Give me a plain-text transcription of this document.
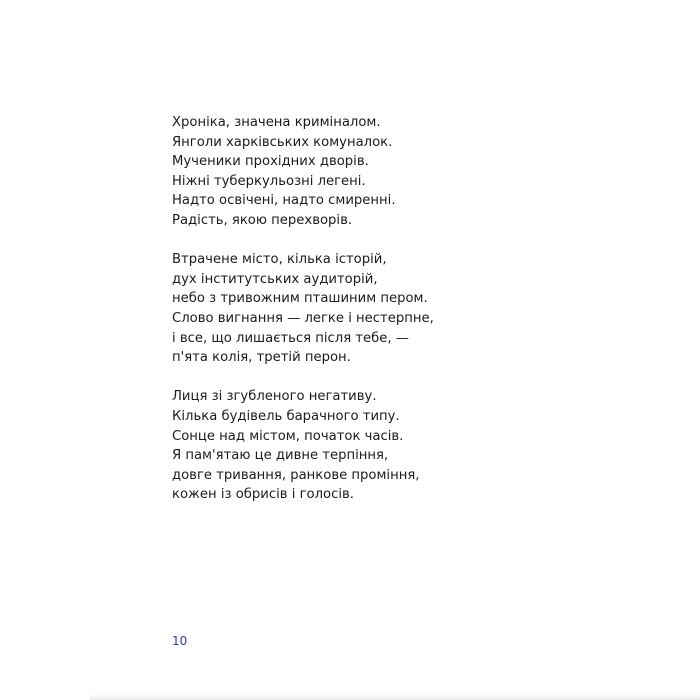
Хроніка, значена криміналом.
Янголи харківських комуналок.
Мученики прохідних дворів.
Ніжні туберкульозні легені.
Надто освічені, надто смиренні.
Радість, якою перехворів.
Втрачене місто, кілька історій,
дух інститутських аудиторій,
небо з тривожним пташиним пером.
Слово вигнання — легке і нестерпне,
і все, що лишається після тебе, —
п'ята колія, третій перон.
Лиця зі згубленого негативу.
Кілька будівель барачного типу.
Сонце над містом, початок часів.
Я пам'ятаю це дивне терпіння,
довге тривання, ранкове проміння,
кожен із обрисів і голосів.
10
